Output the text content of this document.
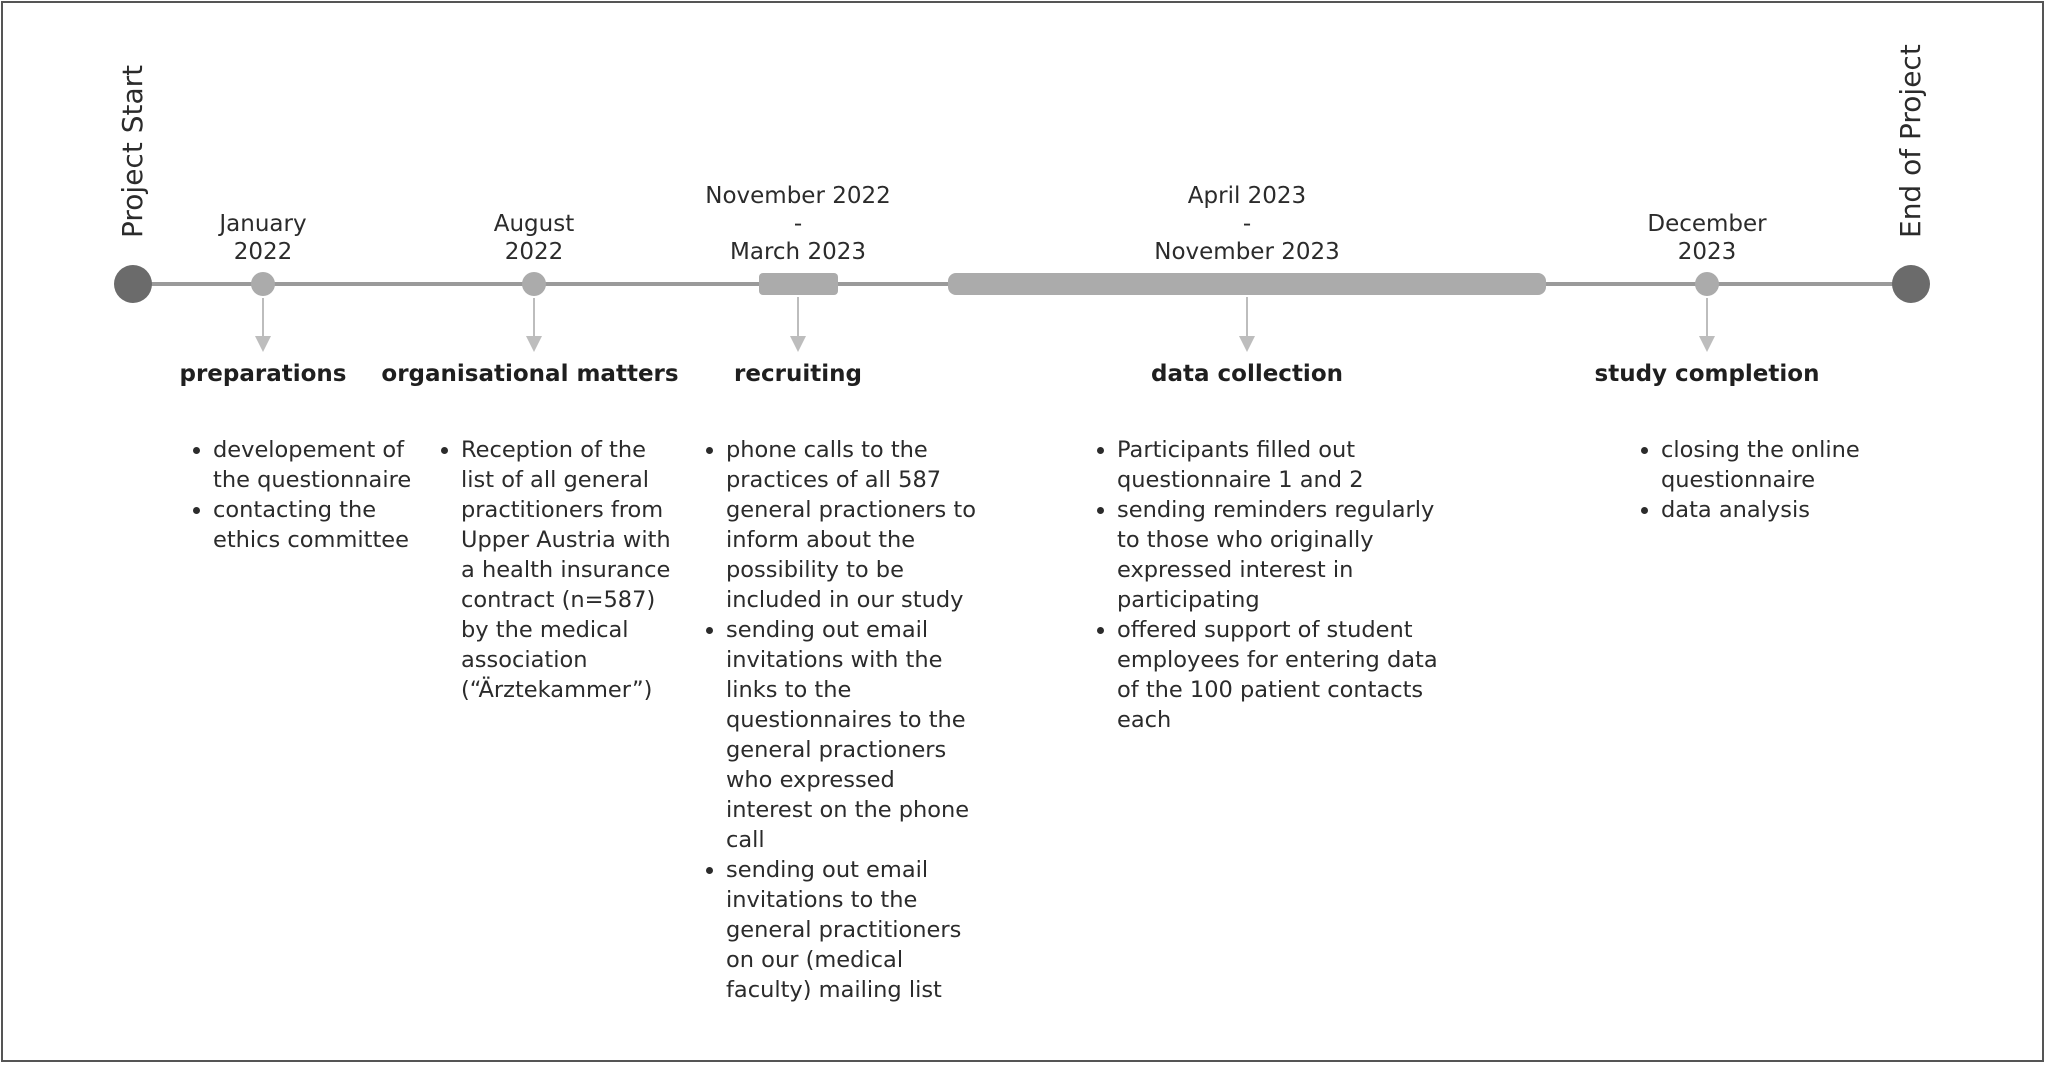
Project Start	End of Project
January
2022
preparations
• developement of the questionnaire
• contacting the ethics committee
August
2022
organisational matters
• Reception of the list of all general practitioners from Upper Austria with a health insurance contract (n=587) by the medical association (“Ärztekammer”)
November 2022
-
March 2023
recruiting
• phone calls to the practices of all 587 general practioners to inform about the possibility to be included in our study
• sending out email invitations with the links to the questionnaires to the general practioners who expressed interest on the phone call
• sending out email invitations to the general practitioners on our (medical faculty) mailing list
April 2023
-
November 2023
data collection
• Participants filled out questionnaire 1 and 2
• sending reminders regularly to those who originally expressed interest in participating
• offered support of student employees for entering data of the 100 patient contacts each
December
2023
study completion
• closing the online questionnaire
• data analysis
